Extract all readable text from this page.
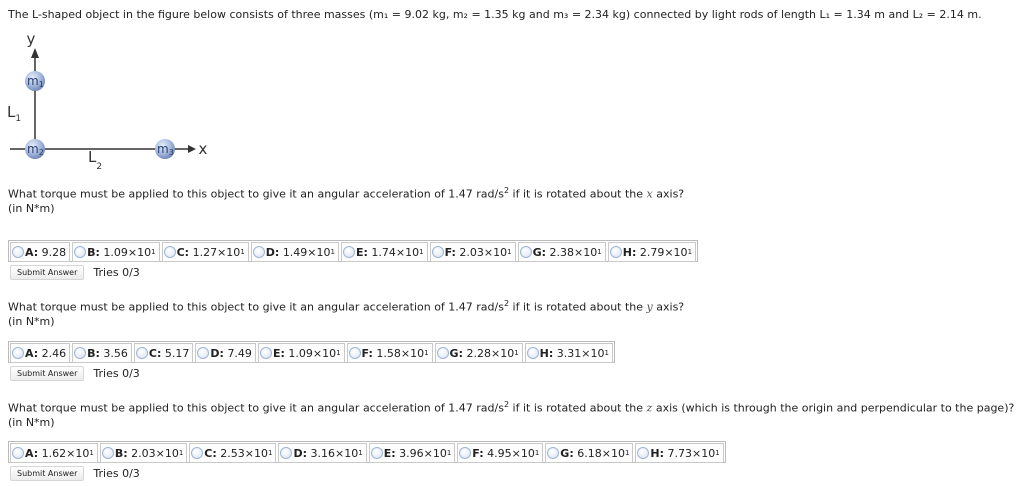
The L-shaped object in the figure below consists of three masses (m₁ = 9.02 kg, m₂ = 1.35 kg and m₃ = 2.34 kg) connected by light rods of length L₁ = 1.34 m and L₂ = 2.14 m.
y
x
$L_1$
$L_2$
m1
m2	m3
What torque must be applied to this object to give it an angular acceleration of 1.47 rad/$s^2$ if it is rotated about the x axis?
(in N*m)
A:
9.28 B:
1.09×10 1 C:
1.27×10 1 D:
1.49×10 1 E:
1.74×10 1 F:
2.03×10 1 G:
2.38×10 1 H:
2.79×10 1
Submit Answer	Tries 0/3
What torque must be applied to this object to give it an angular acceleration of 1.47 rad/$s^2$ if it is rotated about the y axis?
(in N*m)
A:
2.46 B:
3.56 C:
5.17 D:
7.49 E:
1.09×10 1 F:
1.58×10 1 G:
2.28×10 1 H:
3.31×10 1
Submit Answer	Tries 0/3
What torque must be applied to this object to give it an angular acceleration of 1.47 rad/$s^2$ if it is rotated about the z axis (which is through the origin and perpendicular to the page)?
(in N*m)
A:
1.62×10 1 B:
2.03×10 1 C:
2.53×10 1 D:
3.16×10 1 E:
3.96×10 1 F:
4.95×10 1 G:
6.18×10 1 H:
7.73×10 1
Submit Answer	Tries 0/3
